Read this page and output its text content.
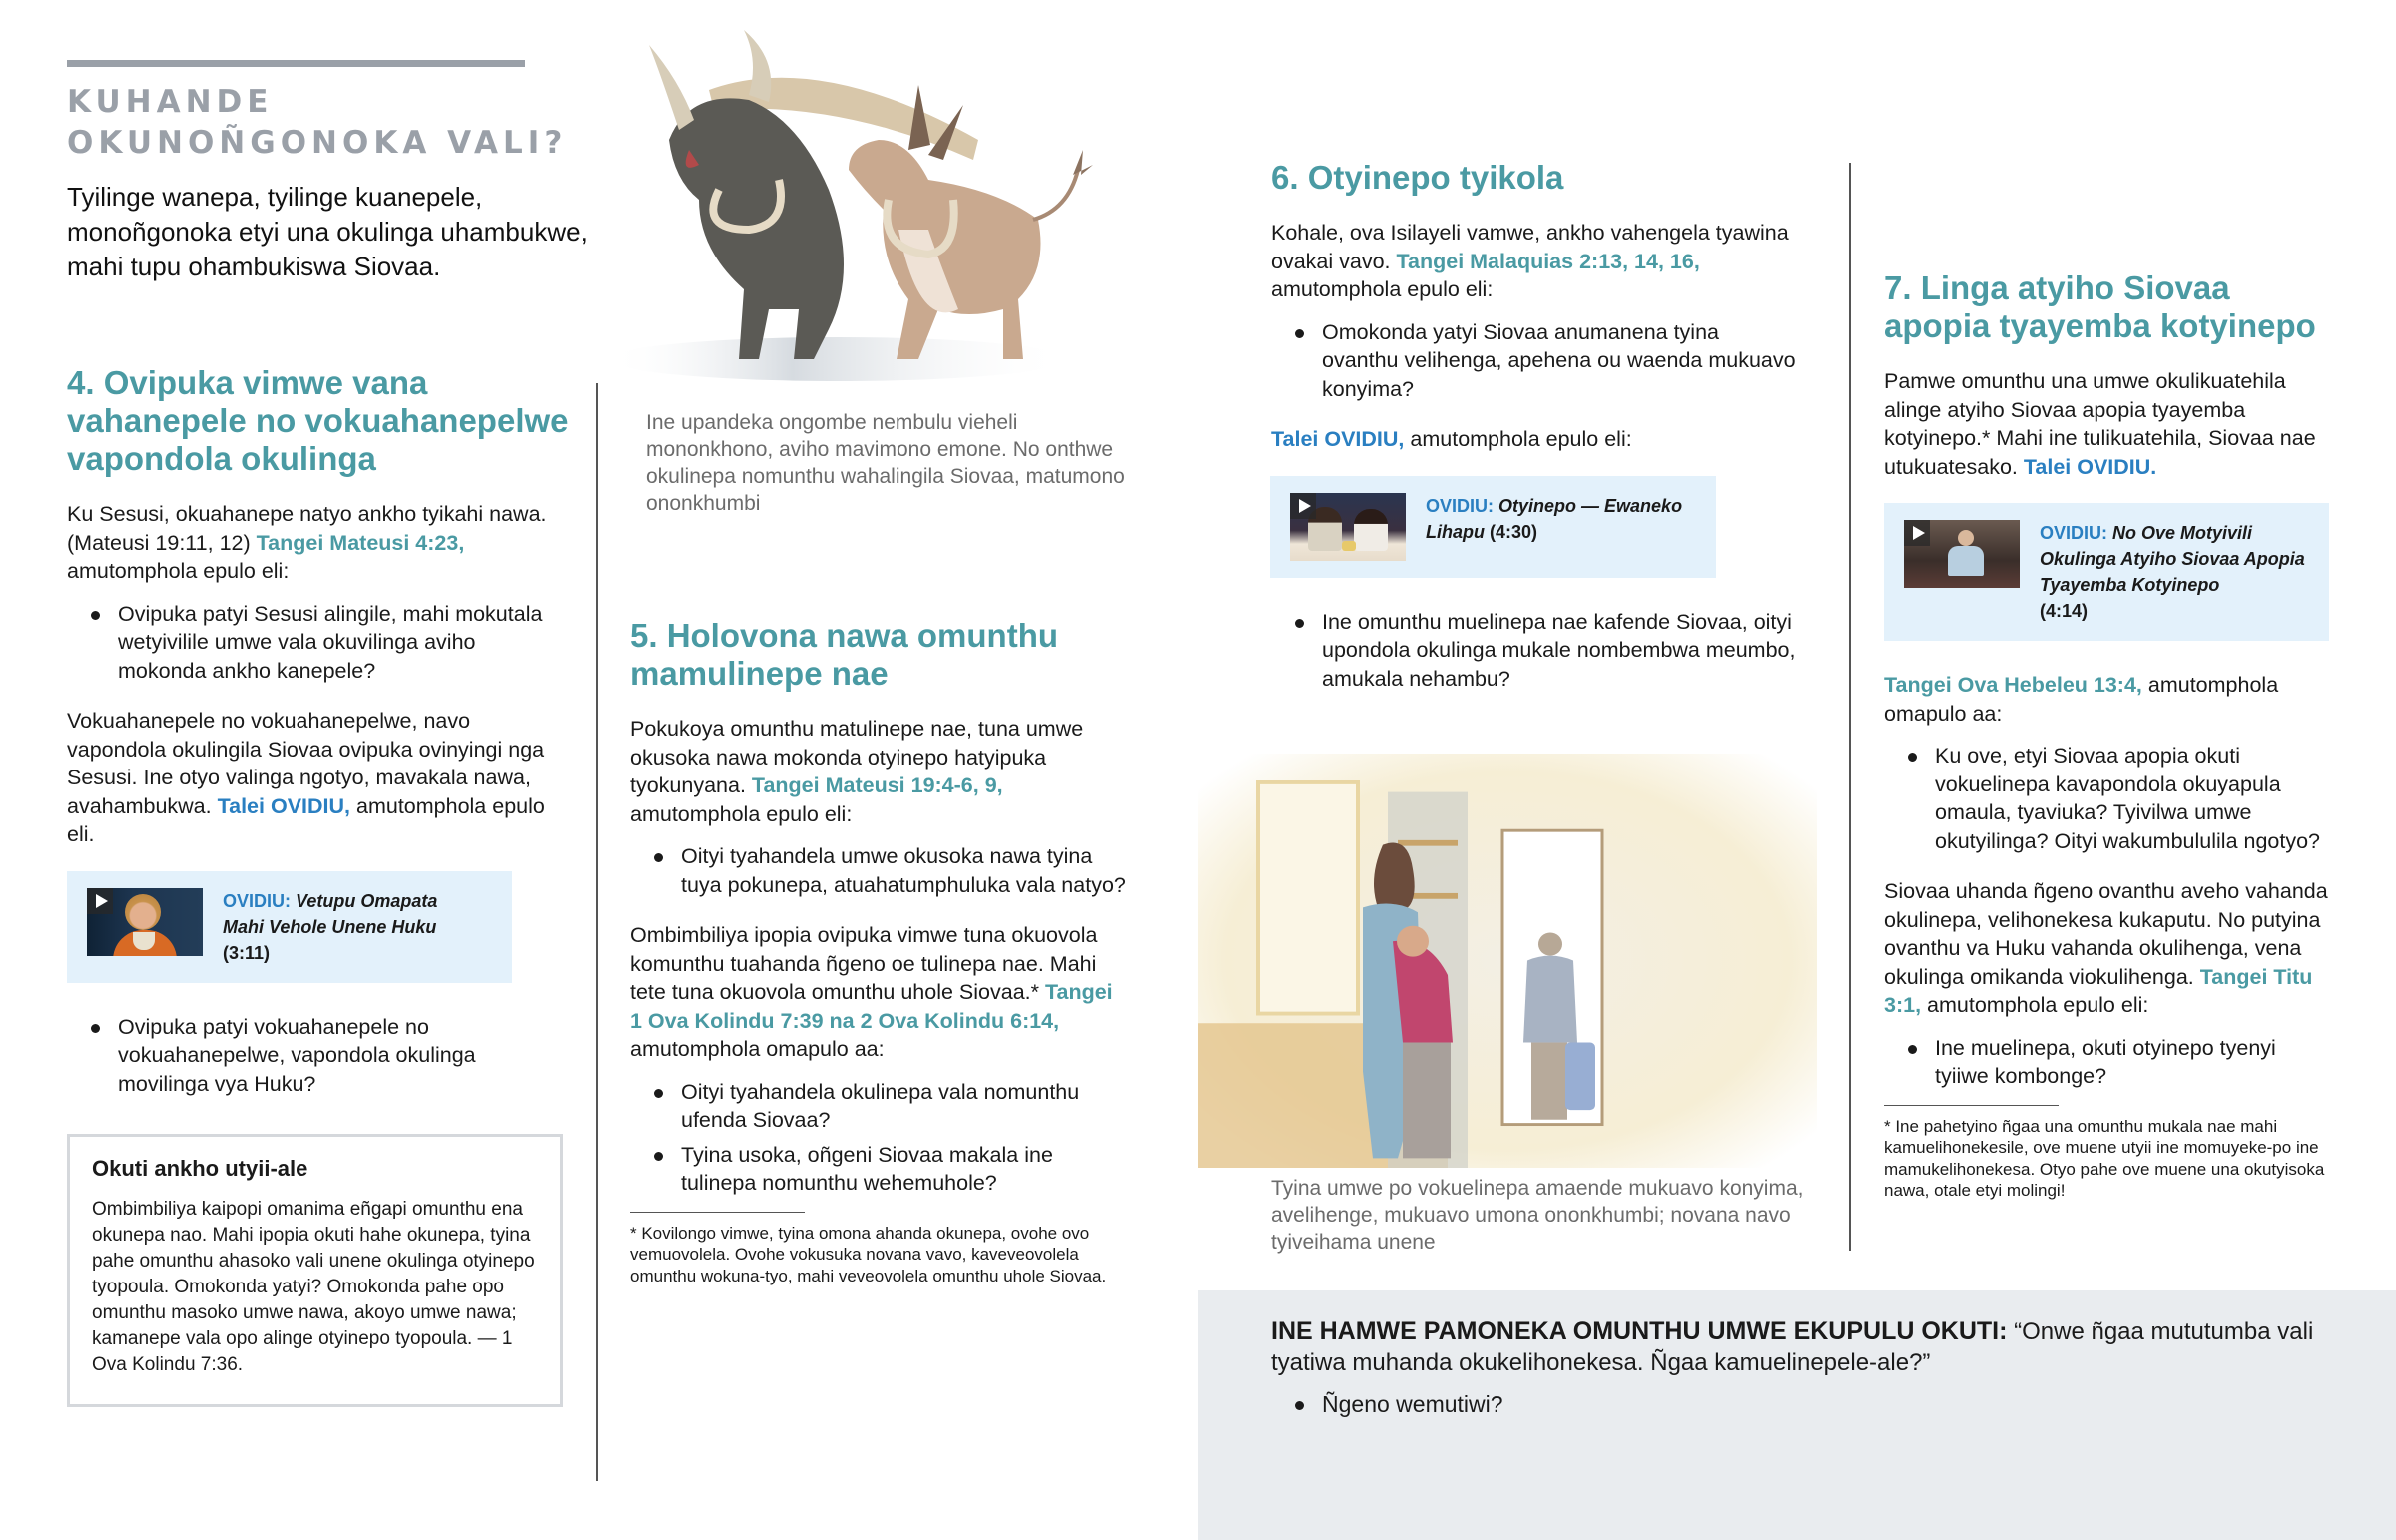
KUHANDE
OKUNOÑGONOKA VALI?

Tyilinge wanepa, tyilinge kuanepele, monoñgonoka etyi una okulinga uhambukwe, mahi tupu ohambukiswa Siovaa.

4. Ovipuka vimwe vana vahanepele no vokuahanepelwe vapondola okulinga

Ku Sesusi, okuahanepe natyo ankho tyikahi nawa. (Mateusi 19:11, 12) Tangei Mateusi 4:23, amutomphola epulo eli:

Ovipuka patyi Sesusi alingile, mahi mokutala wetyivilile umwe vala okuvilinga aviho mokonda ankho kanepele?

Vokuahanepele no vokuahanepelwe, navo vapondola okulingila Siovaa ovipuka ovinyingi nga Sesusi. Ine otyo valinga ngotyo, mavakala nawa, avahambukwa. Talei OVIDIU, amutomphola epulo eli.

OVIDIU: Vetupu Omapata Mahi Vehole Unene Huku
(3:11)
Ovipuka patyi vokuahanepele no vokuahanepelwe, vapondola okulinga movilinga vya Huku?
Okuti ankho utyii-ale

Ombimbiliya kaipopi omanima eñgapi omunthu ena okunepa nao. Mahi ipopia okuti hahe okunepa, tyina pahe omunthu ahasoko vali unene okulinga otyinepo tyopoula. Omokonda yatyi? Omokonda pahe opo omunthu masoko umwe nawa, akoyo umwe nawa; kamanepe vala opo alinge otyinepo tyopoula. — 1 Ova Kolindu 7:36.

Ine upandeka ongombe nembulu vieheli mononkhono, aviho mavimono emone. No onthwe okulinepa nomunthu wahalingila Siovaa, matumono ononkhumbi

5. Holovona nawa omunthu mamulinepe nae

Pokukoya omunthu matulinepe nae, tuna umwe okusoka nawa mokonda otyinepo hatyipuka tyokunyana. Tangei Mateusi 19:4-6, 9, amutomphola epulo eli:

Oityi tyahandela umwe okusoka nawa tyina tuya pokunepa, atuahatumphuluka vala natyo?

Ombimbiliya ipopia ovipuka vimwe tuna okuovola komunthu tuahanda ñgeno oe tulinepa nae. Mahi tete tuna okuovola omunthu uhole Siovaa.* Tangei 1 Ova Kolindu 7:39 na 2 Ova Kolindu 6:14, amutomphola omapulo aa:

Oityi tyahandela okulinepa vala nomunthu ufenda Siovaa?
Tyina usoka, oñgeni Siovaa makala ine tulinepa nomunthu wehemuhole?

* Kovilongo vimwe, tyina omona ahanda okunepa, ovohe ovo vemuovolela. Ovohe vokusuka novana vavo, kaveveovolela omunthu wokuna-tyo, mahi veveovolela omunthu uhole Siovaa.

6. Otyinepo tyikola

Kohale, ova Isilayeli vamwe, ankho vahengela tyawina ovakai vavo. Tangei Malaquias 2:13, 14, 16, amutomphola epulo eli:

Omokonda yatyi Siovaa anumanena tyina ovanthu velihenga, apehena ou waenda mukuavo konyima?

Talei OVIDIU, amutomphola epulo eli:

OVIDIU: Otyinepo — Ewaneko Lihapu (4:30)
Ine omunthu muelinepa nae kafende Siovaa, oityi upondola okulinga mukale nombembwa meumbo, amukala nehambu?

Tyina umwe po vokuelinepa amaende mukuavo konyima, avelihenge, mukuavo umona ononkhumbi; novana navo tyiveihama unene

7. Linga atyiho Siovaa apopia tyayemba kotyinepo

Pamwe omunthu una umwe okulikuatehila alinge atyiho Siovaa apopia tyayemba kotyinepo.* Mahi ine tulikuatehila, Siovaa nae utukuatesako. Talei OVIDIU.

OVIDIU: No Ove Motyivili Okulinga Atyiho Siovaa Apopia Tyayemba Kotyinepo
(4:14)

Tangei Ova Hebeleu 13:4, amutomphola omapulo aa:

Ku ove, etyi Siovaa apopia okuti vokuelinepa kavapondola okuyapula omaula, tyaviuka? Tyivilwa umwe okutyilinga? Oityi wakumbululila ngotyo?

Siovaa uhanda ñgeno ovanthu aveho vahanda okulinepa, velihonekesa kukaputu. No putyina ovanthu va Huku vahanda okulihenga, vena okulinga omikanda viokulihenga. Tangei Titu 3:1, amutomphola epulo eli:

Ine muelinepa, okuti otyinepo tyenyi tyiiwe kombonge?

* Ine pahetyino ñgaa una omunthu mukala nae mahi kamuelihonekesile, ove muene utyii ine momuyeke-po ine mamukelihonekesa. Otyo pahe ove muene una okutyisoka nawa, otale etyi molingi!

INE HAMWE PAMONEKA OMUNTHU UMWE EKUPULU OKUTI: “Onwe ñgaa mututumba vali tyatiwa muhanda okukelihonekesa. Ñgaa kamuelinepele-ale?”

Ñgeno wemutiwi?
